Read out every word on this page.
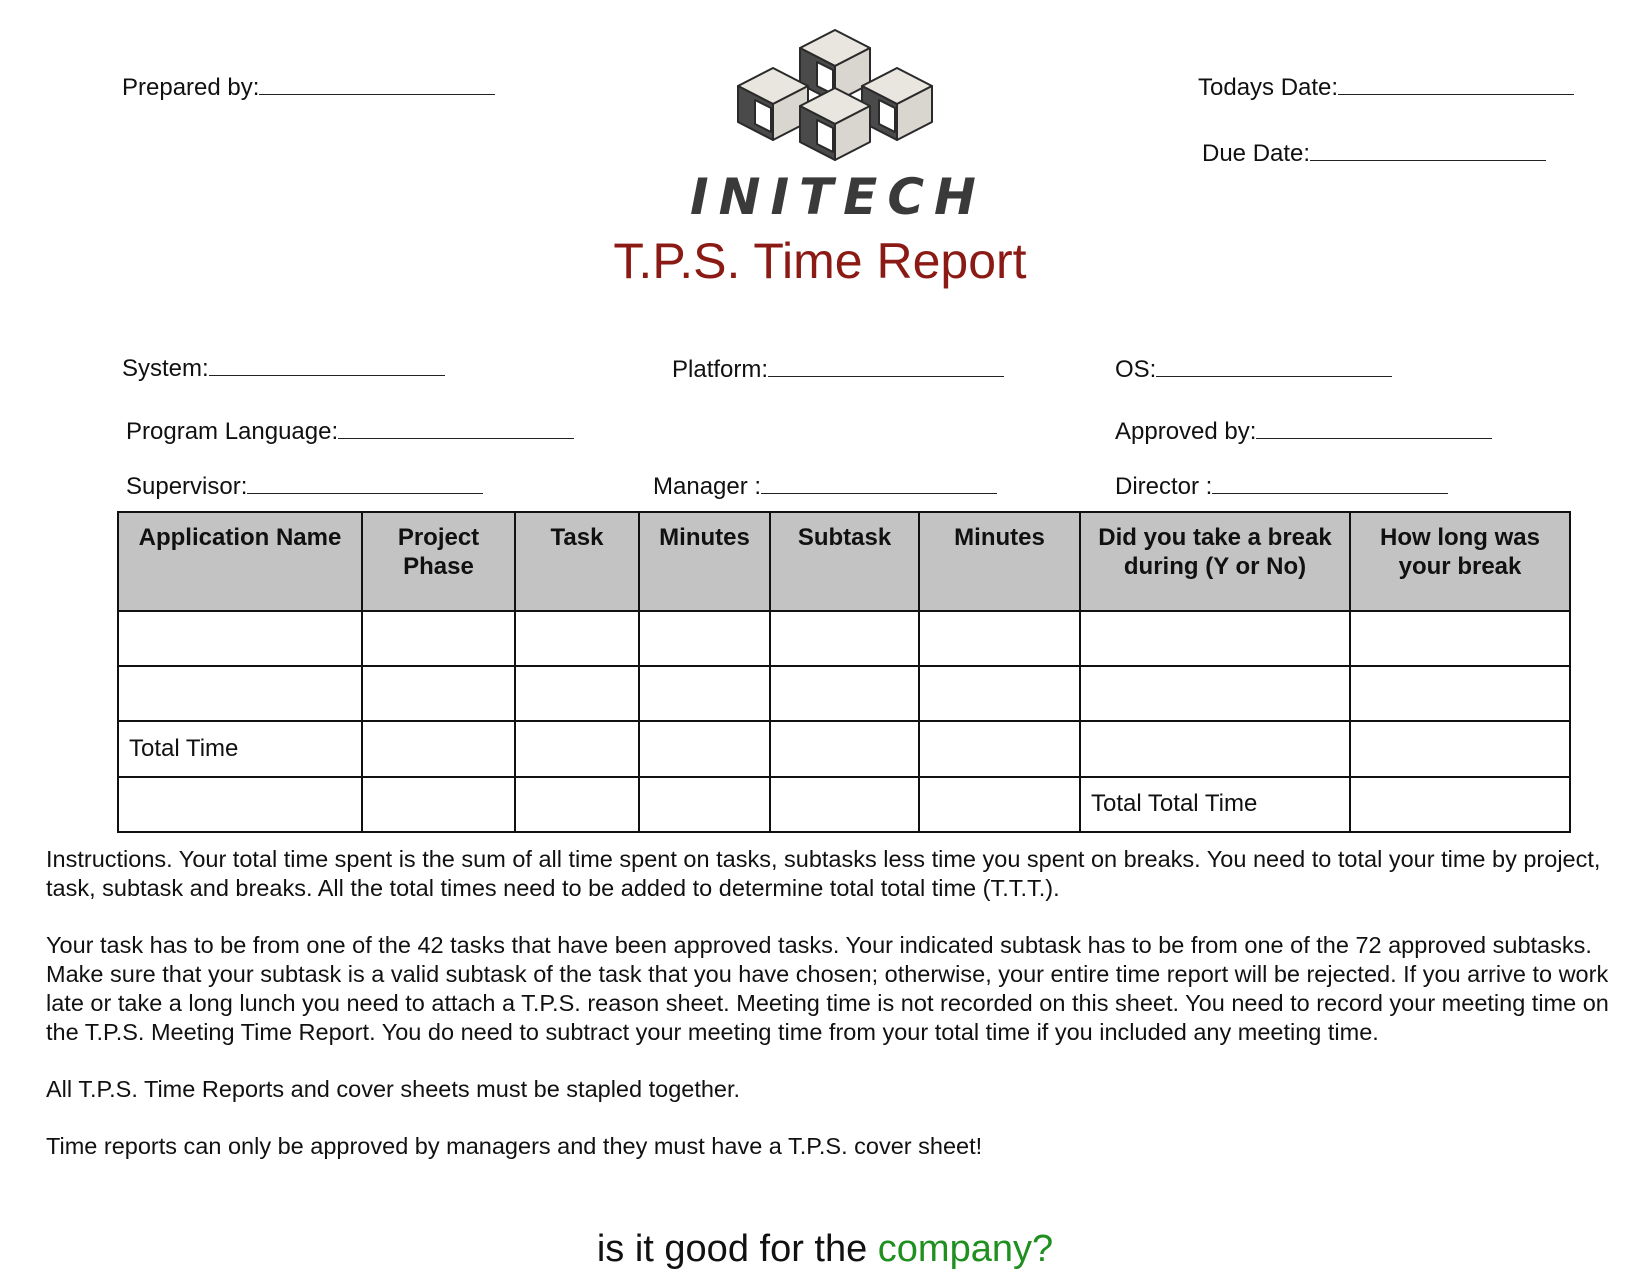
Prepared by:	Todays Date:
Due Date:
INITECH
T.P.S. Time Report
System:	Platform:	OS:
Program Language:	Approved by:
Supervisor:	Manager :	Director :
Application Name	Project Phase	Task	Minutes	Subtask	Minutes	Did you take a break during (Y or No)	How long was your break

Total Time							
						Total Total Time	

Instructions. Your total time spent is the sum of all time spent on tasks, subtasks less time you spent on breaks. You need to total your time by project, task, subtask and breaks. All the total times need to be added to determine total total time (T.T.T.).

Your task has to be from one of the 42 tasks that have been approved tasks. Your indicated subtask has to be from one of the 72 approved subtasks. Make sure that your subtask is a valid subtask of the task that you have chosen; otherwise, your entire time report will be rejected. If you arrive to work late or take a long lunch you need to attach a T.P.S. reason sheet. Meeting time is not recorded on this sheet. You need to record your meeting time on the T.P.S. Meeting Time Report. You do need to subtract your meeting time from your total time if you included any meeting time.

All T.P.S. Time Reports and cover sheets must be stapled together.

Time reports can only be approved by managers and they must have a T.P.S. cover sheet!

is it good for the company?
